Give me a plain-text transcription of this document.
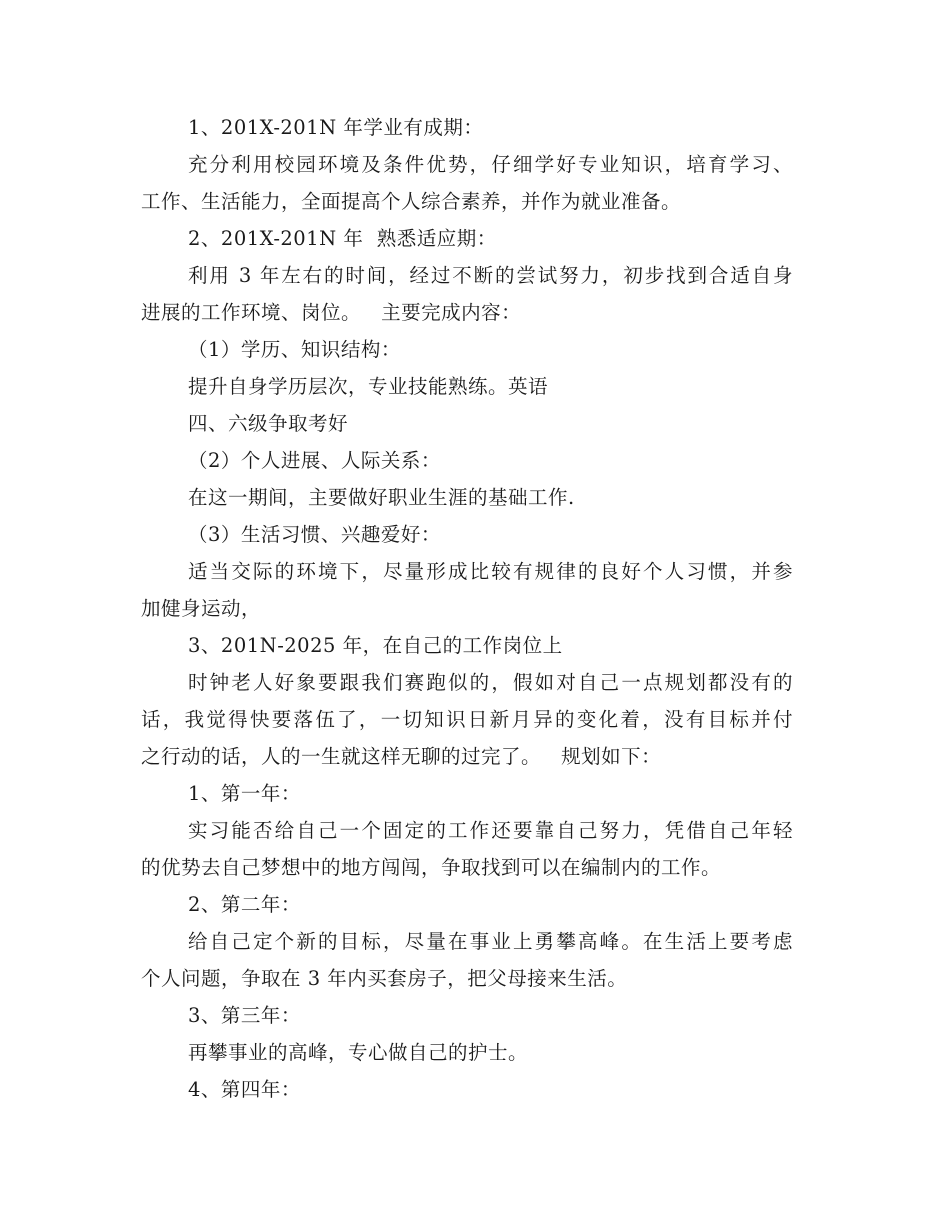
1、201X-201N 年学业有成期：
充分利用校园环境及条件优势，仔细学好专业知识，培育学习、
工作、生活能力，全面提高个人综合素养，并作为就业准备。
2、201X-201N 年  熟悉适应期：
利用 3 年左右的时间，经过不断的尝试努力，初步找到合适自身
进展的工作环境、岗位。   主要完成内容：
（1）学历、知识结构：
提升自身学历层次，专业技能熟练。英语
四、六级争取考好
（2）个人进展、人际关系：
在这一期间，主要做好职业生涯的基础工作.
（3）生活习惯、兴趣爱好：
适当交际的环境下，尽量形成比较有规律的良好个人习惯，并参
加健身运动，
3、201N-2025 年，在自己的工作岗位上
时钟老人好象要跟我们赛跑似的，假如对自己一点规划都没有的
话，我觉得快要落伍了，一切知识日新月异的变化着，没有目标并付
之行动的话，人的一生就这样无聊的过完了。   规划如下：
1、第一年：
实习能否给自己一个固定的工作还要靠自己努力，凭借自己年轻
的优势去自己梦想中的地方闯闯，争取找到可以在编制内的工作。
2、第二年：
给自己定个新的目标，尽量在事业上勇攀高峰。在生活上要考虑
个人问题，争取在 3 年内买套房子，把父母接来生活。
3、第三年：
再攀事业的高峰，专心做自己的护士。
4、第四年：
